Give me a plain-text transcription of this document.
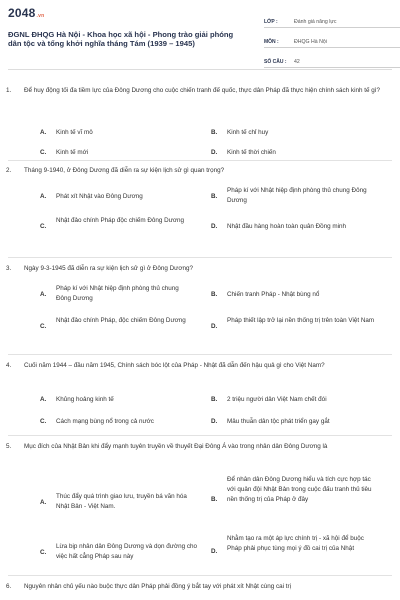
2048.vn
ĐGNL ĐHQG Hà Nội - Khoa học xã hội - Phong trào giải phóng dân tộc và tổng khởi nghĩa tháng Tám (1939 – 1945)
LỚP :	Đánh giá năng lực
MÔN :	ĐHQG Hà Nội
SỐ CÂU :	42
1. Để huy động tối đa tiềm lực của Đông Dương cho cuộc chiến tranh đế quốc, thực dân Pháp đã thực hiện chính sách kinh tế gì?
A. Kinh tế vĩ mô	B. Kinh tế chỉ huy
C. Kinh tế mới	D. Kinh tế thời chiến
2. Tháng 9-1940, ở Đông Dương đã diễn ra sự kiện lịch sử gì quan trọng?
A. Phát xít Nhật vào Đông Dương	B.
Pháp kí với Nhật hiệp định phòng thủ chung Đông Dương
C.
Nhật đảo chính Pháp độc chiếm Đông Dương
D. Nhật đầu hàng hoàn toàn quân Đồng minh
3. Ngày 9-3-1945 đã diễn ra sự kiện lịch sử gì ở Đông Dương?
A.
Pháp kí với Nhật hiệp định phòng thủ chung Đông Dương
B. Chiến tranh Pháp - Nhật bùng nổ
C.
Nhật đảo chính Pháp, độc chiếm Đông Dương
D.
Pháp thiết lập trở lại nền thống trị trên toàn Việt Nam
4. Cuối năm 1944 – đầu năm 1945, Chính sách bóc lột của Pháp - Nhật đã dẫn đến hậu quả gì cho Việt Nam?
A. Khủng hoảng kinh tế	B. 2 triệu người dân Việt Nam chết đói
C. Cách mạng bùng nổ trong cả nước	D. Mâu thuẫn dân tộc phát triển gay gắt
5. Mục đích của Nhật Bản khi đẩy mạnh tuyên truyền về thuyết Đại Đông Á vào trong nhân dân Đông Dương là
A.
Thúc đẩy quá trình giao lưu, truyền bá văn hóa Nhật Bản - Việt Nam.
B.
Để nhân dân Đông Dương hiểu và tích cực hợp tác với quân đội Nhật Bản trong cuộc đấu tranh thủ tiêu nền thống trị của Pháp ở đây
C.
Lừa bịp nhân dân Đông Dương và dọn đường cho việc hất cẳng Pháp sau này
D.
Nhằm tạo ra một áp lực chính trị - xã hội để buộc Pháp phải phục tùng mọi ý đồ cai trị của Nhật
6. Nguyên nhân chủ yếu nào buộc thực dân Pháp phải đồng ý bắt tay với phát xít Nhật cùng cai trị
